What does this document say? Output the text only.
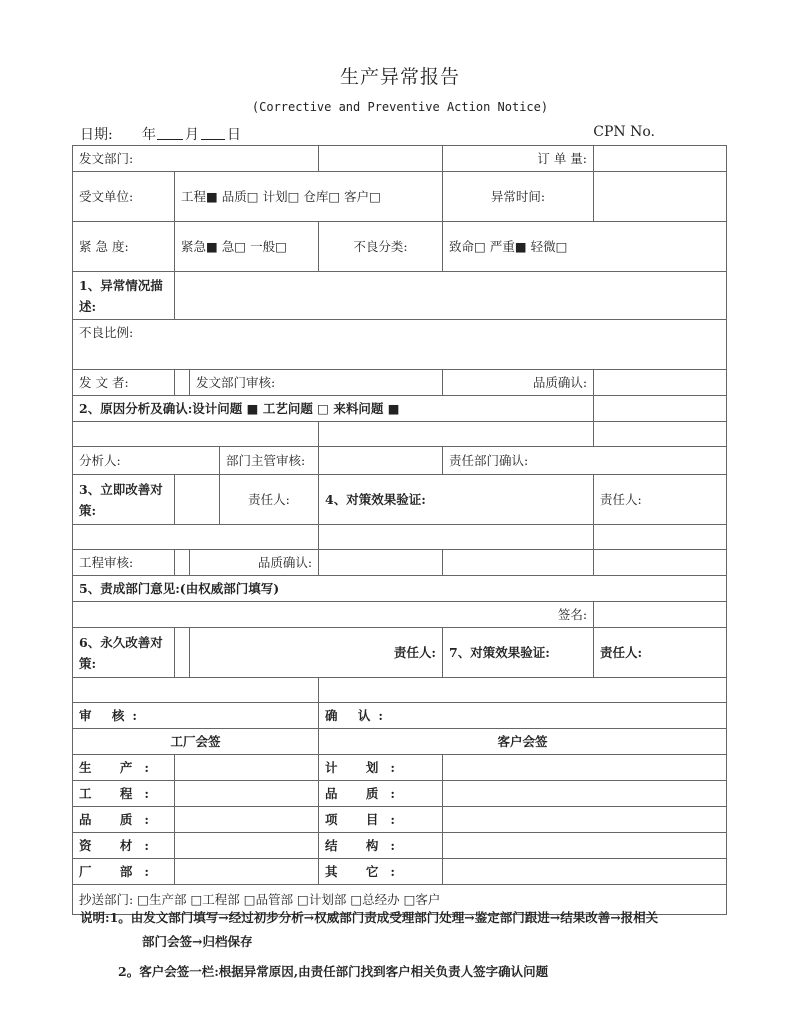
生产异常报告
(Corrective and Preventive Action Notice)
日期: 年 月 日	CPN No.
发文部门:					订 单 量:	
受文单位:	工程■ 品质□ 计划□ 仓库□ 客户□				异常时间:	
紧 急 度:	紧急■ 急□ 一般□			不良分类:	致命□ 严重■ 轻微□	
1、异常情况描述:						
不良比例:						
发 文 者:		发文部门审核:			品质确认:	
2、原因分析及确认:设计问题 ■ 工艺问题 □ 来料问题 ■						

分析人:			部门主管审核:		责任部门确认:	
3、立即改善对策:			责任人:	4、对策效果验证:		责任人:

工程审核:		品质确认:				
5、责成部门意见:(由权威部门填写)						
签名:						
6、永久改善对策:		责任人:			7、对策效果验证:	责任人:

审 核:				确 认:		
工厂会签				客户会签		
生 产:				计 划:		
工 程:				品 质:		
品 质:				项 目:		
资 材:				结 构:		
厂 部:				其 它:		
抄送部门: □生产部 □工程部 □品管部 □计划部 □总经办 □客户						
说明:1。由发文部门填写→经过初步分析→权威部门责成受理部门处理→鉴定部门跟进→结果改善→报相关
部门会签→归档保存
2。客户会签一栏:根据异常原因,由责任部门找到客户相关负责人签字确认问题
